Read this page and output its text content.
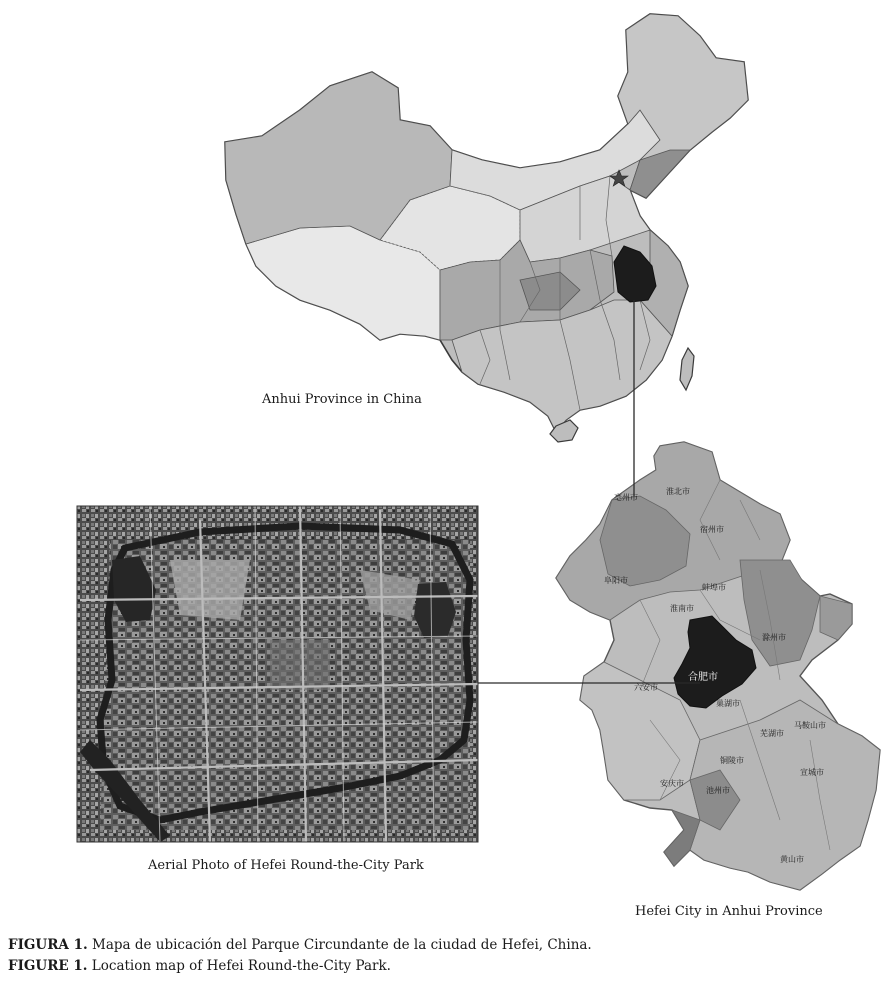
亳州市
淮北市
宿州市
阜阳市
蚌埠市
淮南市
滁州市
六安市
合肥市
巢湖市
芜湖市
马鞍山市
铜陵市
安庆市
池州市
宣城市
黄山市
Anhui Province in China
Aerial Photo of Hefei Round-the-City Park
Hefei City in Anhui Province
FIGURA 1. Mapa de ubicación del Parque Circundante de la ciudad de Hefei, China.
FIGURE 1. Location map of Hefei Round-the-City Park.
